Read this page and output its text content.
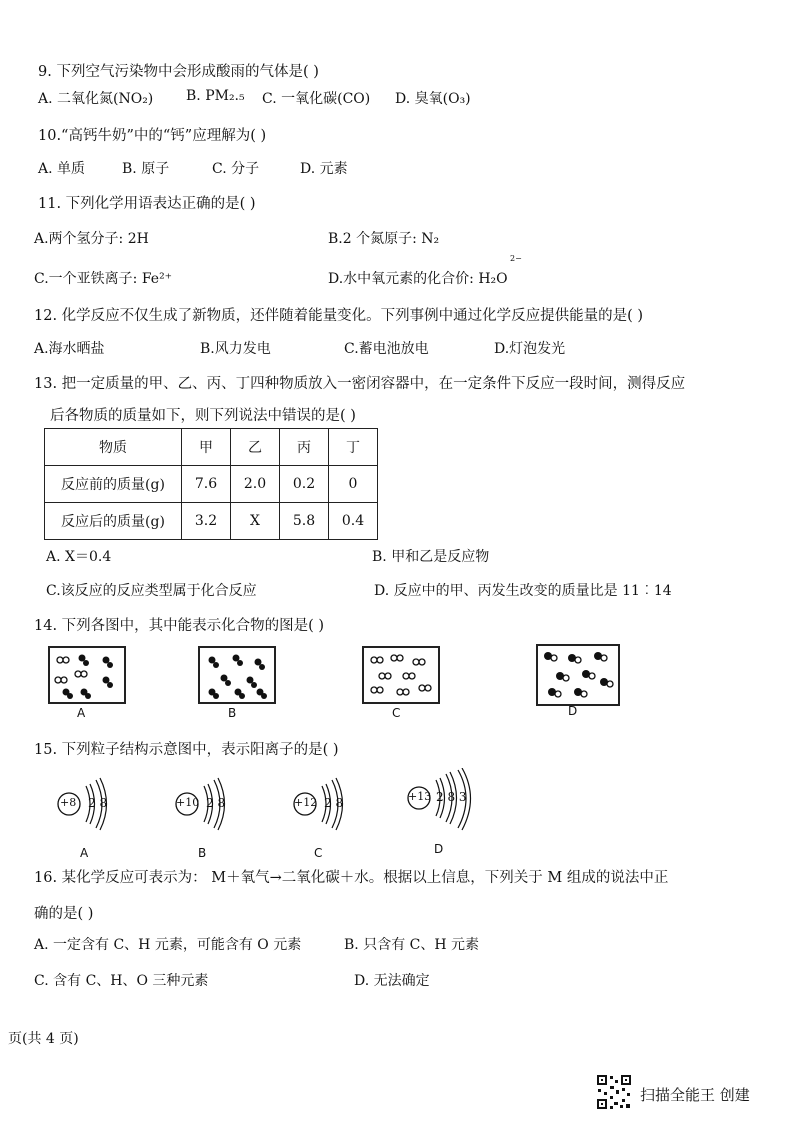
9. 下列空气污染物中会形成酸雨的气体是( )
A. 二氧化氮(NO₂) B. PM₂.₅ C. 一氧化碳(CO) D. 臭氧(O₃)
10.“高钙牛奶”中的“钙”应理解为( )
A. 单质	B. 原子	C. 分子	D. 元素
11. 下列化学用语表达正确的是( )
A.两个氢分子: 2H	B.2 个氮原子: N₂
C.一个亚铁离子: Fe²⁺	D.水中氧元素的化合价: H₂O
2−
12. 化学反应不仅生成了新物质，还伴随着能量变化。下列事例中通过化学反应提供能量的是( )
A.海水晒盐	B.风力发电	C.蓄电池放电	D.灯泡发光
13. 把一定质量的甲、乙、丙、丁四种物质放入一密闭容器中，在一定条件下反应一段时间，测得反应
后各物质的质量如下，则下列说法中错误的是( )
物质	甲	乙	丙	丁
反应前的质量(g)	7.6	2.0	0.2	0
反应后的质量(g)	3.2	X	5.8	0.4
A. X＝0.4	B. 甲和乙是反应物
C.该反应的反应类型属于化合反应	D. 反应中的甲、丙发生改变的质量比是 11︰14
14. 下列各图中，其中能表示化合物的图是( )
A	B	C	D
15. 下列粒子结构示意图中，表示阳离子的是( )
+8 2 8
A
+10 2 8
B
+12 2 8
C
+13 2 8 3
D
16. 某化学反应可表示为： M＋氧气→二氧化碳＋水。根据以上信息，下列关于 M 组成的说法中正
确的是( )
A. 一定含有 C、H 元素，可能含有 O 元素	B. 只含有 C、H 元素
C. 含有 C、H、O 三种元素	D. 无法确定
页(共 4 页)
扫描全能王 创建
